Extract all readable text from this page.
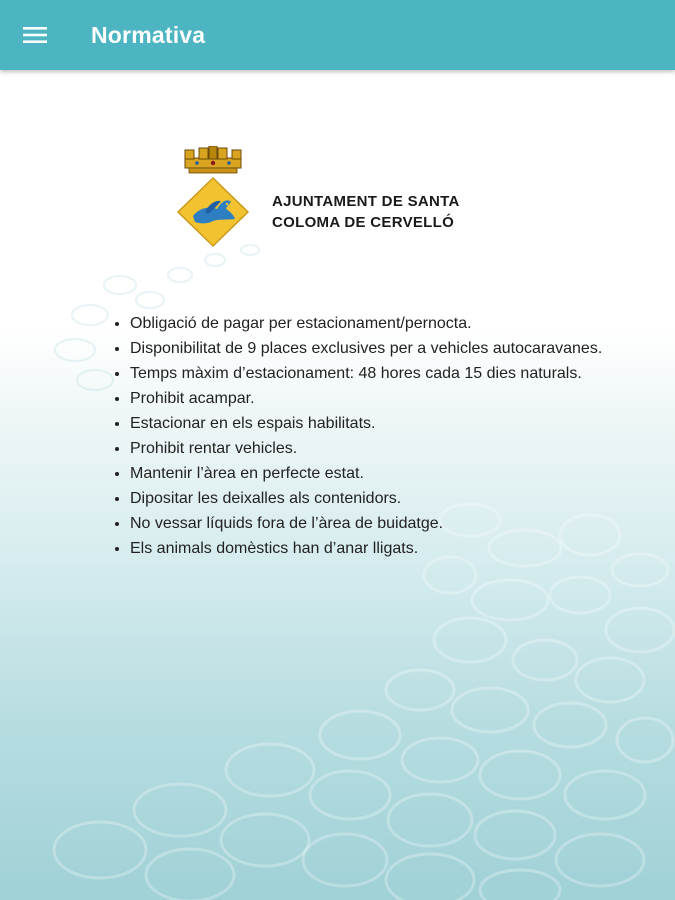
Normativa
AJUNTAMENT DE SANTA
COLOMA DE CERVELLÓ
• Obligació de pagar per estacionament/pernocta.
• Disponibilitat de 9 places exclusives per a vehicles autocaravanes.
• Temps màxim d’estacionament: 48 hores cada 15 dies naturals.
• Prohibit acampar.
• Estacionar en els espais habilitats.
• Prohibit rentar vehicles.
• Mantenir l’àrea en perfecte estat.
• Dipositar les deixalles als contenidors.
• No vessar líquids fora de l’àrea de buidatge.
• Els animals domèstics han d’anar lligats.
